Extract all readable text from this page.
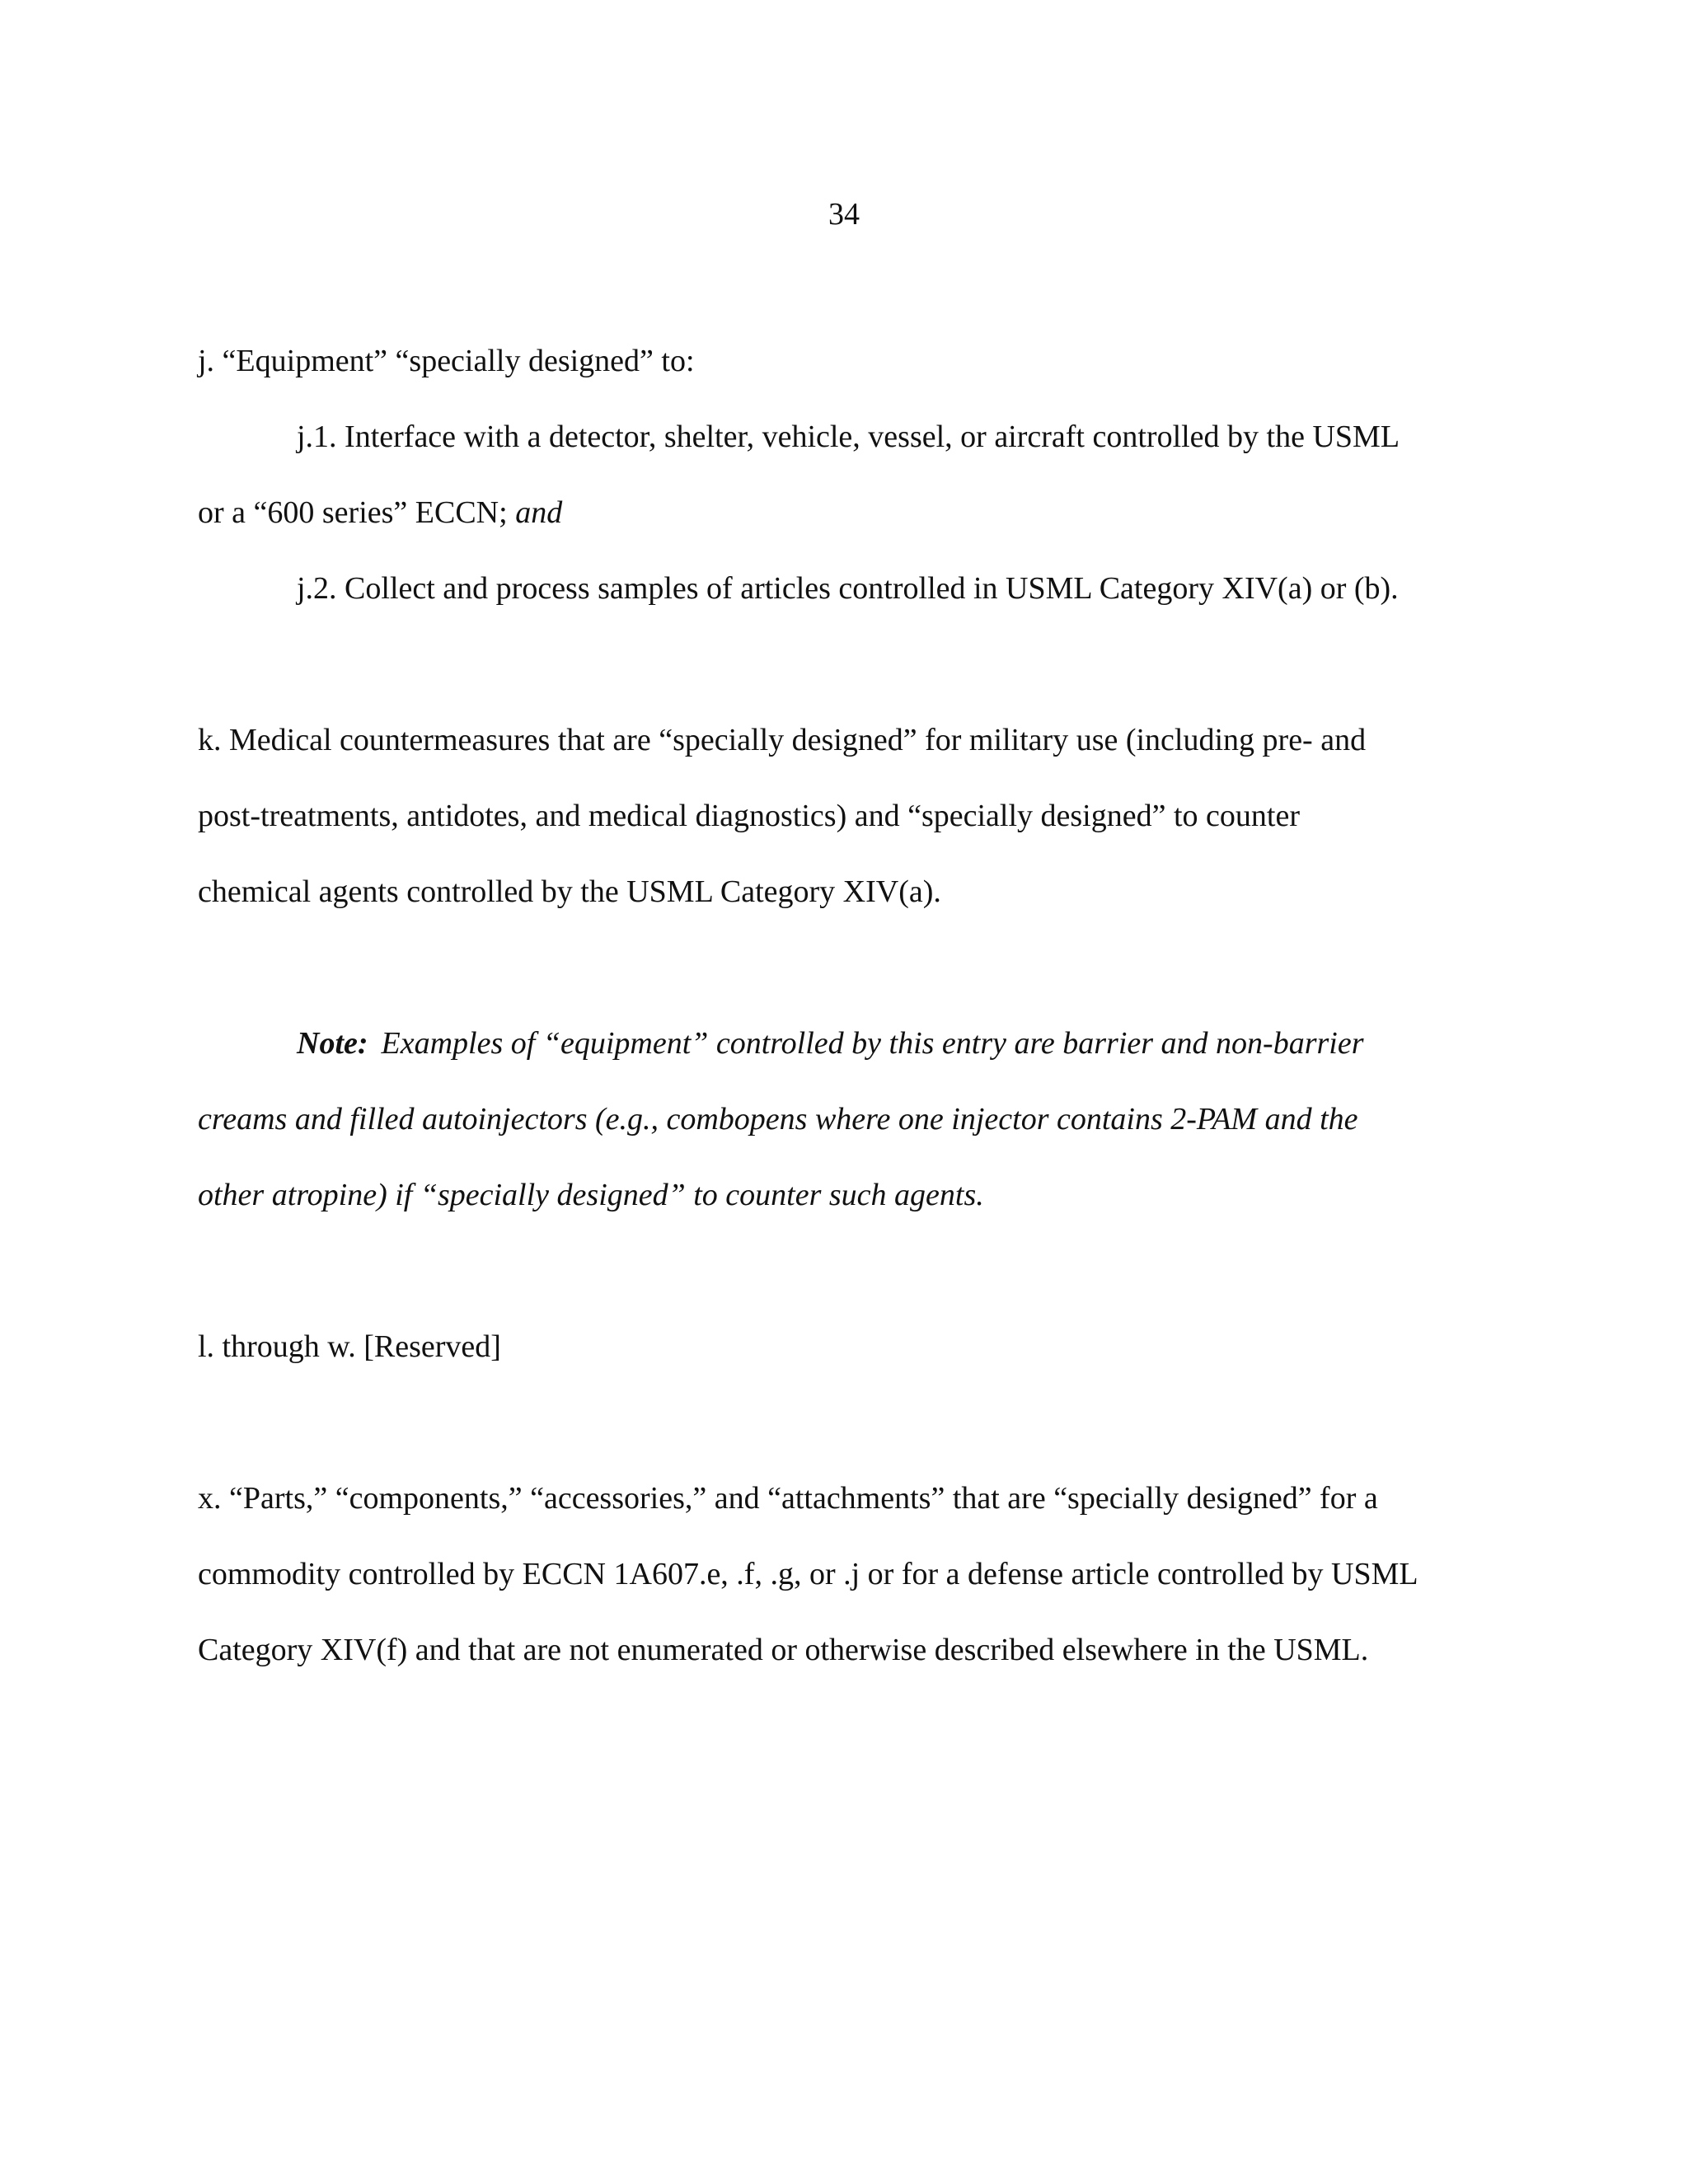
34
j. “Equipment” “specially designed” to:
j.1. Interface with a detector, shelter, vehicle, vessel, or aircraft controlled by the USML
or a “600 series” ECCN; and
j.2. Collect and process samples of articles controlled in USML Category XIV(a) or (b).
k. Medical countermeasures that are “specially designed” for military use (including pre- and
post-treatments, antidotes, and medical diagnostics) and “specially designed” to counter
chemical agents controlled by the USML Category XIV(a).
Note: Examples of “equipment” controlled by this entry are barrier and non-barrier
creams and filled autoinjectors (e.g., combopens where one injector contains 2-PAM and the
other atropine) if “specially designed” to counter such agents.
l. through w. [Reserved]
x. “Parts,” “components,” “accessories,” and “attachments” that are “specially designed” for a
commodity controlled by ECCN 1A607.e, .f, .g, or .j or for a defense article controlled by USML
Category XIV(f) and that are not enumerated or otherwise described elsewhere in the USML.
